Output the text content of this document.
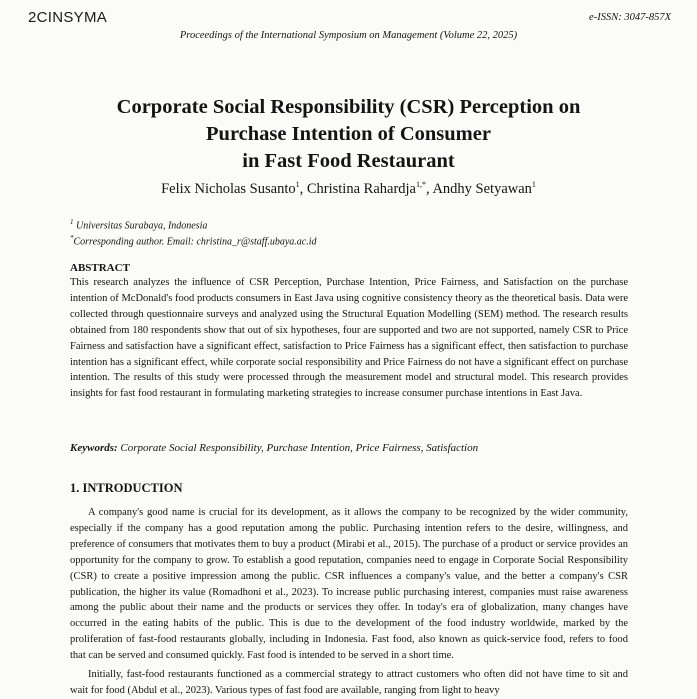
2CINSYMA	e-ISSN: 3047-857X
Proceedings of the International Symposium on Management (Volume 22, 2025)
Corporate Social Responsibility (CSR) Perception on
Purchase Intention of Consumer
in Fast Food Restaurant
Felix Nicholas Susanto$^1$, Christina Rahardja$^{1,*}$, Andhy Setyawan$^1$
$^1$ Universitas Surabaya, Indonesia
*Corresponding author. Email: christina_r@staff.ubaya.ac.id
ABSTRACT

This research analyzes the influence of CSR Perception, Purchase Intention, Price Fairness, and Satisfaction on the purchase intention of McDonald's food products consumers in East Java using cognitive consistency theory as the theoretical basis. Data were collected through questionnaire surveys and analyzed using the Structural Equation Modelling (SEM) method. The research results obtained from 180 respondents show that out of six hypotheses, four are supported and two are not supported, namely CSR to Price Fairness and satisfaction have a significant effect, satisfaction to Price Fairness has a significant effect, then satisfaction to purchase intention has a significant effect, while corporate social responsibility and Price Fairness do not have a significant effect on purchase intention. The results of this study were processed through the measurement model and structural model. This research provides insights for fast food restaurant in formulating marketing strategies to increase consumer purchase intentions in East Java.

Keywords: Corporate Social Responsibility, Purchase Intention, Price Fairness, Satisfaction
1. INTRODUCTION

A company's good name is crucial for its development, as it allows the company to be recognized by the wider community, especially if the company has a good reputation among the public. Purchasing intention refers to the desire, willingness, and preference of consumers that motivates them to buy a product (Mirabi et al., 2015). The purchase of a product or service provides an opportunity for the company to grow. To establish a good reputation, companies need to engage in Corporate Social Responsibility (CSR) to create a positive impression among the public. CSR influences a company's value, and the better a company's CSR publication, the higher its value (Romadhoni et al., 2023). To increase public purchasing interest, companies must raise awareness among the public about their name and the products or services they offer. In today's era of globalization, many changes have occurred in the eating habits of the public. This is due to the development of the food industry worldwide, marked by the proliferation of fast-food restaurants globally, including in Indonesia. Fast food, also known as quick-service food, refers to food that can be served and consumed quickly. Fast food is intended to be served in a short time.

Initially, fast-food restaurants functioned as a commercial strategy to attract customers who often did not have time to sit and wait for food (Abdul et al., 2023). Various types of fast food are available, ranging from light to heavy
